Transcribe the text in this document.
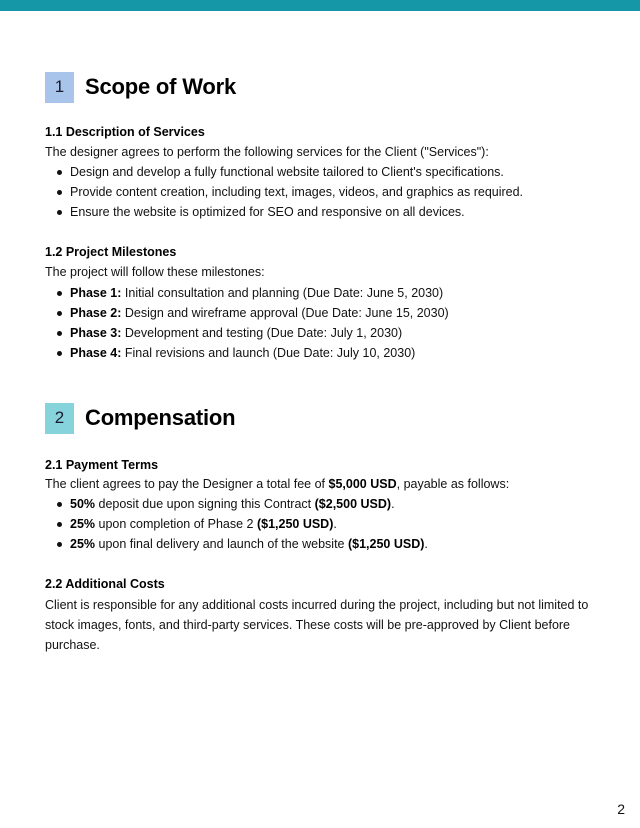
1 Scope of Work
1.1 Description of Services
The designer agrees to perform the following services for the Client ("Services"):
Design and develop a fully functional website tailored to Client's specifications.
Provide content creation, including text, images, videos, and graphics as required.
Ensure the website is optimized for SEO and responsive on all devices.
1.2 Project Milestones
The project will follow these milestones:
Phase 1: Initial consultation and planning (Due Date: June 5, 2030)
Phase 2: Design and wireframe approval (Due Date: June 15, 2030)
Phase 3: Development and testing (Due Date: July 1, 2030)
Phase 4: Final revisions and launch (Due Date: July 10, 2030)
2 Compensation
2.1 Payment Terms
The client agrees to pay the Designer a total fee of $5,000 USD, payable as follows:
50% deposit due upon signing this Contract ($2,500 USD).
25% upon completion of Phase 2 ($1,250 USD).
25% upon final delivery and launch of the website ($1,250 USD).
2.2 Additional Costs
Client is responsible for any additional costs incurred during the project, including but not limited to stock images, fonts, and third-party services. These costs will be pre-approved by Client before purchase.
2
